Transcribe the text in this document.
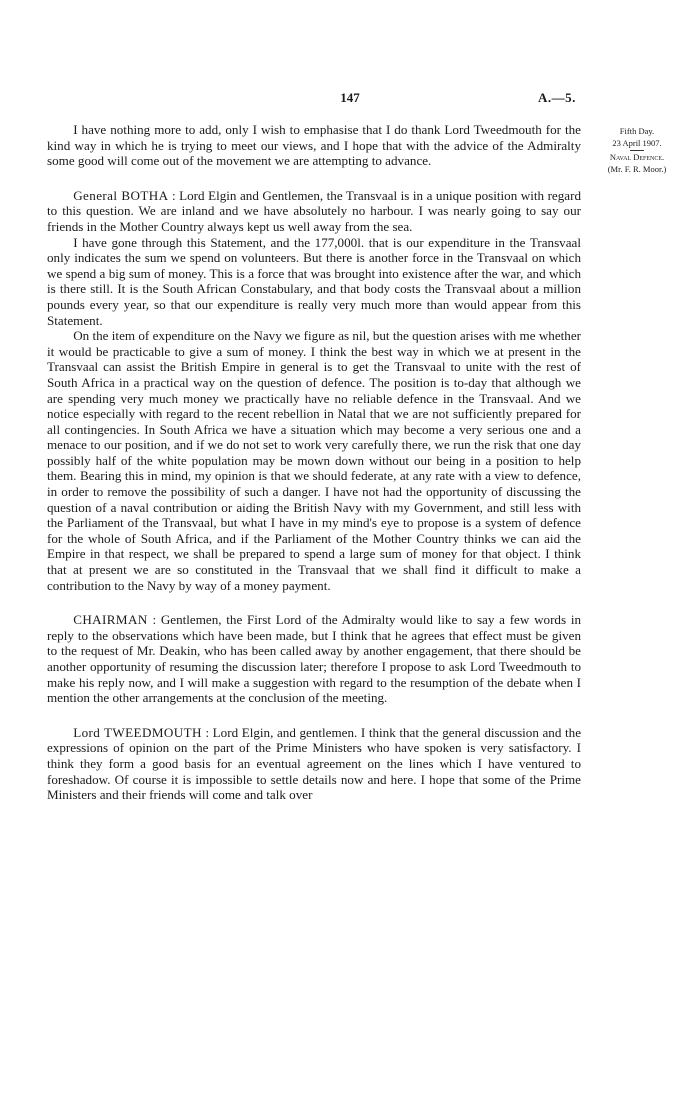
147	A.—5.
Fifth Day.
23 April 1907.
Naval Defence.
(Mr. F. R. Moor.)

I have nothing more to add, only I wish to emphasise that I do thank Lord Tweedmouth for the kind way in which he is trying to meet our views, and I hope that with the advice of the Admiralty some good will come out of the movement we are attempting to advance.

General BOTHA : Lord Elgin and Gentlemen, the Transvaal is in a unique position with regard to this question. We are inland and we have absolutely no harbour. I was nearly going to say our friends in the Mother Country always kept us well away from the sea.

I have gone through this Statement, and the 177,000l. that is our expenditure in the Transvaal only indicates the sum we spend on volunteers. But there is another force in the Transvaal on which we spend a big sum of money. This is a force that was brought into existence after the war, and which is there still. It is the South African Constabulary, and that body costs the Transvaal about a million pounds every year, so that our expenditure is really very much more than would appear from this Statement.

On the item of expenditure on the Navy we figure as nil, but the question arises with me whether it would be practicable to give a sum of money. I think the best way in which we at present in the Transvaal can assist the British Empire in general is to get the Transvaal to unite with the rest of South Africa in a practical way on the question of defence. The position is to-day that although we are spending very much money we practically have no reliable defence in the Transvaal. And we notice especially with regard to the recent rebellion in Natal that we are not sufficiently prepared for all contingencies. In South Africa we have a situation which may become a very serious one and a menace to our position, and if we do not set to work very carefully there, we run the risk that one day possibly half of the white population may be mown down without our being in a position to help them. Bearing this in mind, my opinion is that we should federate, at any rate with a view to defence, in order to remove the possibility of such a danger. I have not had the opportunity of discussing the question of a naval contribution or aiding the British Navy with my Government, and still less with the Parliament of the Transvaal, but what I have in my mind's eye to propose is a system of defence for the whole of South Africa, and if the Parliament of the Mother Country thinks we can aid the Empire in that respect, we shall be prepared to spend a large sum of money for that object. I think that at present we are so constituted in the Transvaal that we shall find it difficult to make a contribution to the Navy by way of a money payment.

CHAIRMAN : Gentlemen, the First Lord of the Admiralty would like to say a few words in reply to the observations which have been made, but I think that he agrees that effect must be given to the request of Mr. Deakin, who has been called away by another engagement, that there should be another opportunity of resuming the discussion later; therefore I propose to ask Lord Tweedmouth to make his reply now, and I will make a suggestion with regard to the resumption of the debate when I mention the other arrangements at the conclusion of the meeting.

Lord TWEEDMOUTH : Lord Elgin, and gentlemen. I think that the general discussion and the expressions of opinion on the part of the Prime Ministers who have spoken is very satisfactory. I think they form a good basis for an eventual agreement on the lines which I have ventured to foreshadow. Of course it is impossible to settle details now and here. I hope that some of the Prime Ministers and their friends will come and talk over
